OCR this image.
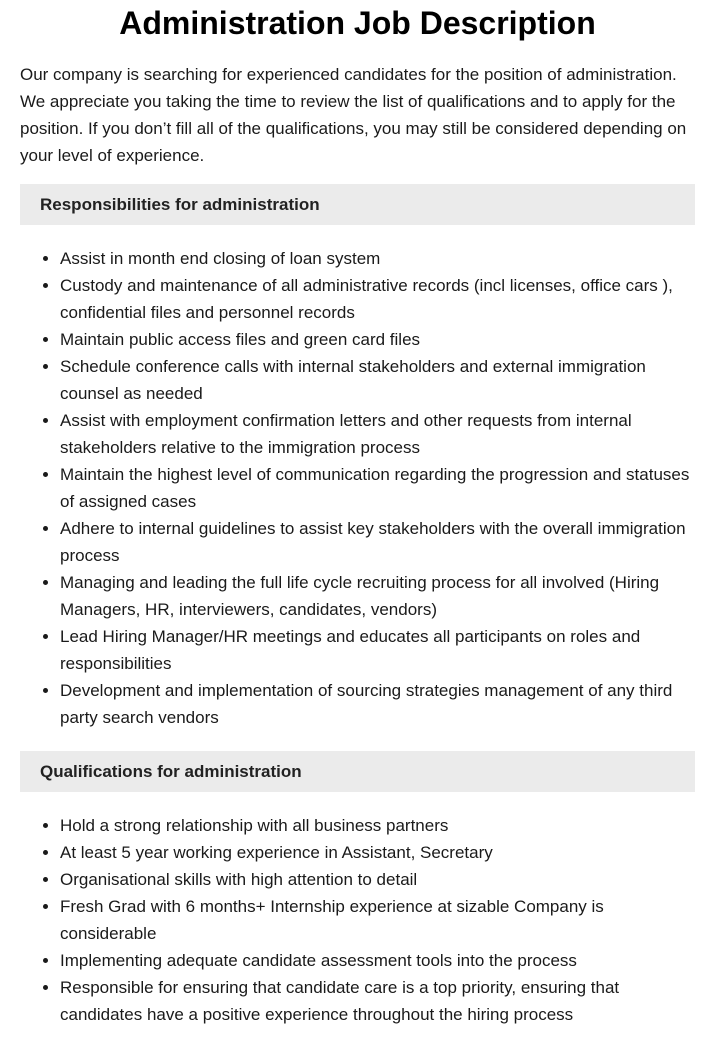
Administration Job Description

Our company is searching for experienced candidates for the position of administration. We appreciate you taking the time to review the list of qualifications and to apply for the position. If you don’t fill all of the qualifications, you may still be considered depending on your level of experience.

Responsibilities for administration
• Assist in month end closing of loan system
• Custody and maintenance of all administrative records (incl licenses, office cars ), confidential files and personnel records
• Maintain public access files and green card files
• Schedule conference calls with internal stakeholders and external immigration counsel as needed
• Assist with employment confirmation letters and other requests from internal stakeholders relative to the immigration process
• Maintain the highest level of communication regarding the progression and statuses of assigned cases
• Adhere to internal guidelines to assist key stakeholders with the overall immigration process
• Managing and leading the full life cycle recruiting process for all involved (Hiring Managers, HR, interviewers, candidates, vendors)
• Lead Hiring Manager/HR meetings and educates all participants on roles and responsibilities
• Development and implementation of sourcing strategies management of any third party search vendors
Qualifications for administration
• Hold a strong relationship with all business partners
• At least 5 year working experience in Assistant, Secretary
• Organisational skills with high attention to detail
• Fresh Grad with 6 months+ Internship experience at sizable Company is considerable
• Implementing adequate candidate assessment tools into the process
• Responsible for ensuring that candidate care is a top priority, ensuring that candidates have a positive experience throughout the hiring process
